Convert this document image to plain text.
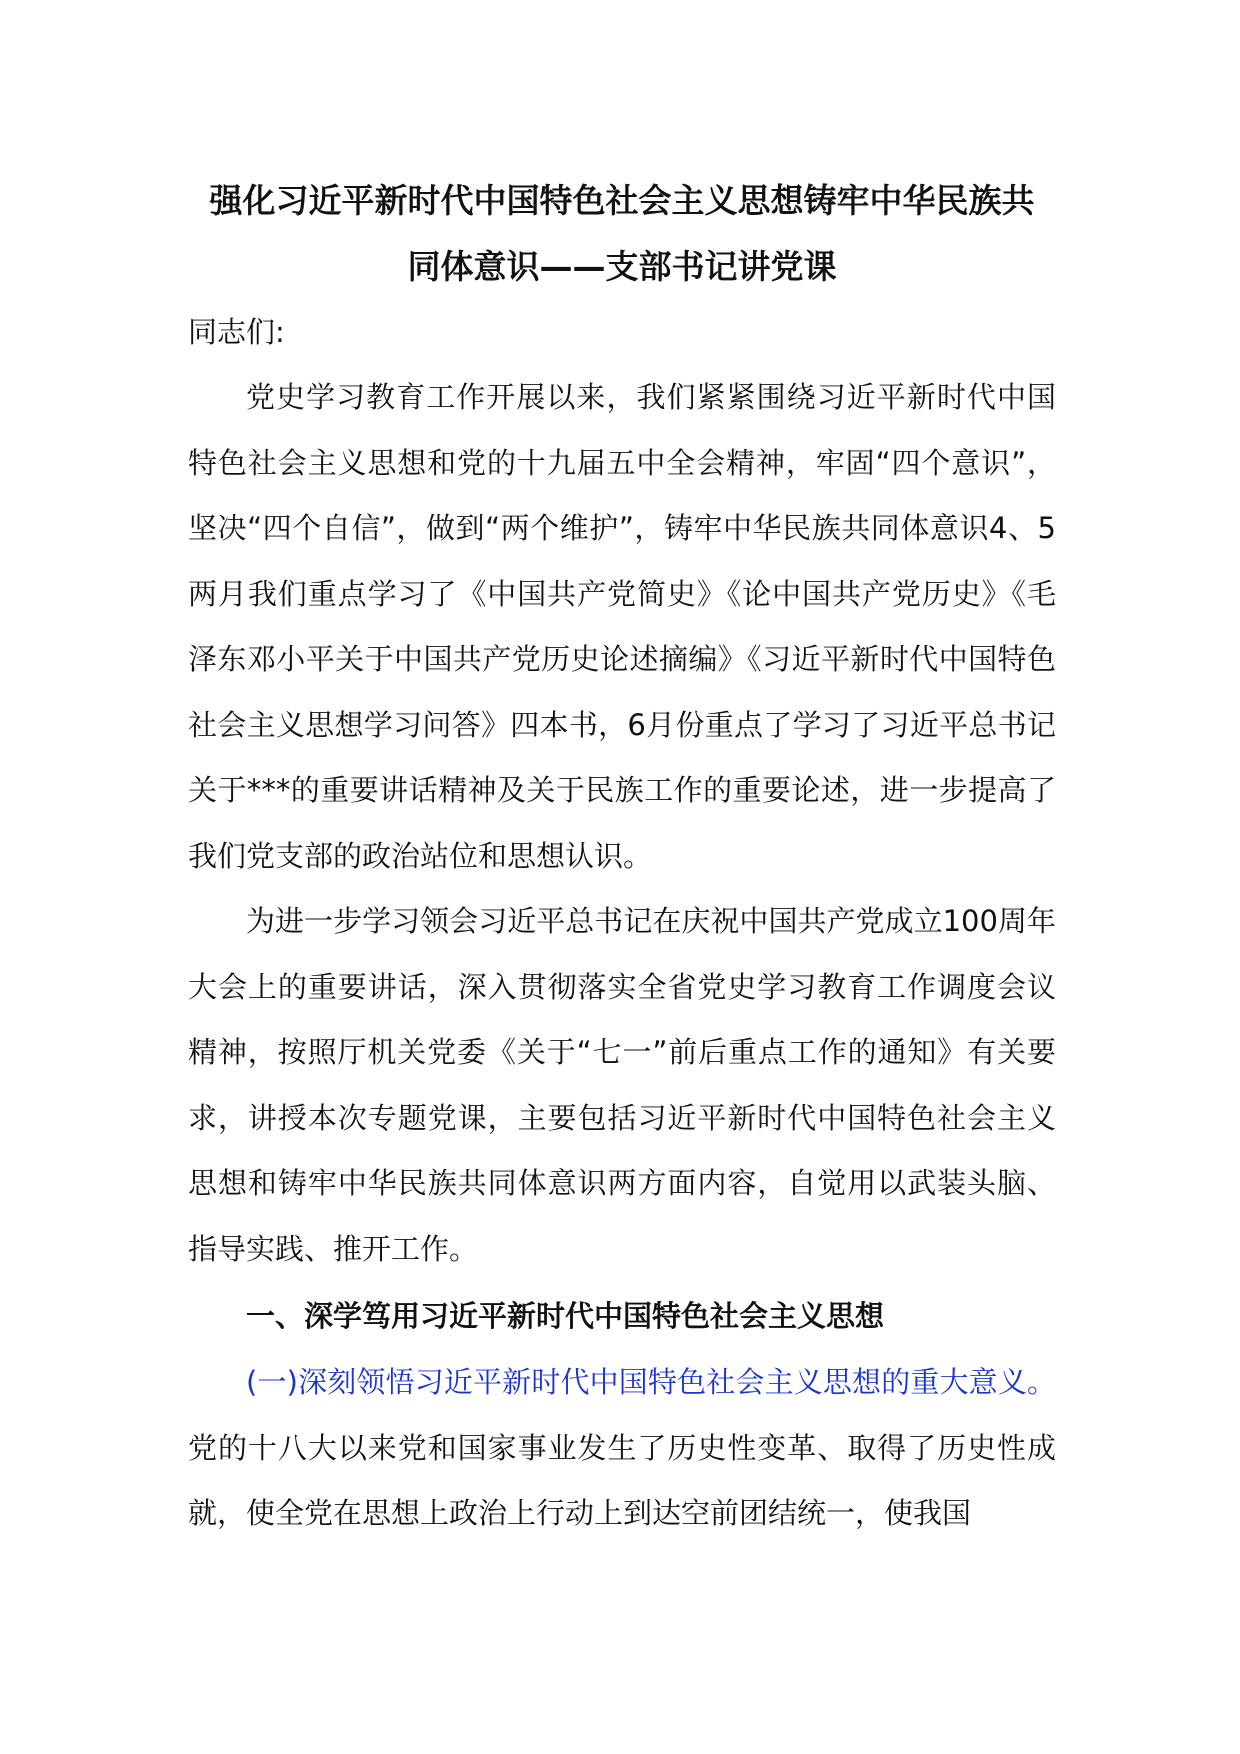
强化习近平新时代中国特色社会主义思想铸牢中华民族共
同体意识——支部书记讲党课

同志们:

党史学习教育工作开展以来，我们紧紧围绕习近平新时代中国特色社会主义思想和党的十九届五中全会精神，牢固“四个意识”，坚决“四个自信”，做到“两个维护”，铸牢中华民族共同体意识4、5两月我们重点学习了《中国共产党简史》《论中国共产党历史》《毛泽东邓小平关于中国共产党历史论述摘编》《习近平新时代中国特色社会主义思想学习问答》四本书，6月份重点了学习了习近平总书记关于***的重要讲话精神及关于民族工作的重要论述，进一步提高了我们党支部的政治站位和思想认识。

为进一步学习领会习近平总书记在庆祝中国共产党成立100周年大会上的重要讲话，深入贯彻落实全省党史学习教育工作调度会议精神，按照厅机关党委《关于“七一”前后重点工作的通知》有关要求，讲授本次专题党课，主要包括习近平新时代中国特色社会主义思想和铸牢中华民族共同体意识两方面内容，自觉用以武装头脑、指导实践、推开工作。

一、深学笃用习近平新时代中国特色社会主义思想

(一)深刻领悟习近平新时代中国特色社会主义思想的重大意义。党的十八大以来党和国家事业发生了历史性变革、取得了历史性成就，使全党在思想上政治上行动上到达空前团结统一，使我国
